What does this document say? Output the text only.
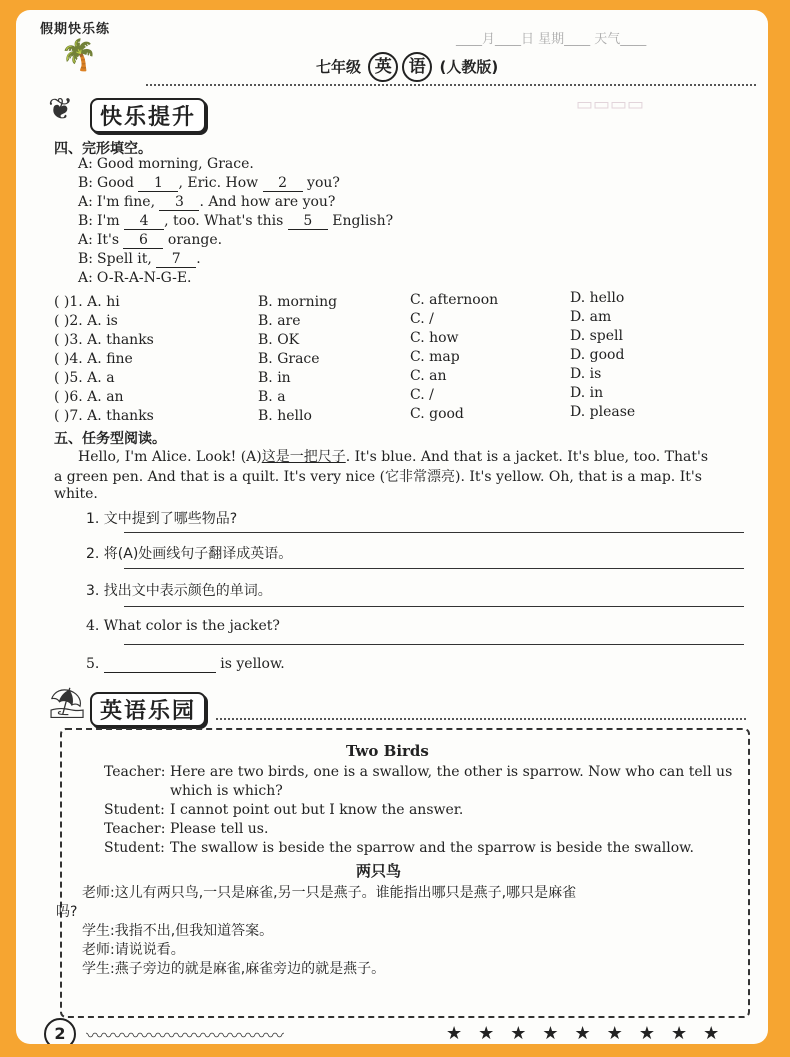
▭▭▭▭
假期快乐练
🌴	____月____日 星期____ 天气____
七年级 英 语 (人教版)
❦	快乐提升
四、完形填空。
五、任务型阅读。
Hello, I'm Alice. Look! (A)这是一把尺子. It's blue. And that is a jacket. It's blue, too. That's
a green pen. And that is a quilt. It's very nice (它非常漂亮). It's yellow. Oh, that is a map. It's
white.
1. 文中提到了哪些物品?
2. 将(A)处画线句子翻译成英语。
3. 找出文中表示颜色的单词。
4. What color is the jacket?
5.	is yellow.
⛱ 英语乐园
Two Birds
两只鸟
2	〰〰〰〰〰〰〰〰〰〰〰	★★★★★★★★★
A: Good morning, Grace.
B: Good 1 , Eric. How 2 you?
A: I'm fine, 3 . And how are you?
B: I'm 4 , too. What's this 5 English?
A: It's 6 orange.
B: Spell it, 7 .
A: O-R-A-N-G-E.
( )1. A. hi	B. morning	C. afternoon	D. hello
( )2. A. is	B. are	C. /	D. am
( )3. A. thanks	B. OK	C. how	D. spell
( )4. A. fine	B. Grace	C. map	D. good
( )5. A. a	B. in	C. an	D. is
( )6. A. an	B. a	C. /	D. in
( )7. A. thanks	B. hello	C. good	D. please
Teacher: Here are two birds, one is a swallow, the other is sparrow. Now who can tell us
which is which?
Student: I cannot point out but I know the answer.
Teacher: Please tell us.
Student: The swallow is beside the sparrow and the sparrow is beside the swallow.
老师:这儿有两只鸟,一只是麻雀,另一只是燕子。谁能指出哪只是燕子,哪只是麻雀
吗?
学生:我指不出,但我知道答案。
老师:请说说看。
学生:燕子旁边的就是麻雀,麻雀旁边的就是燕子。
